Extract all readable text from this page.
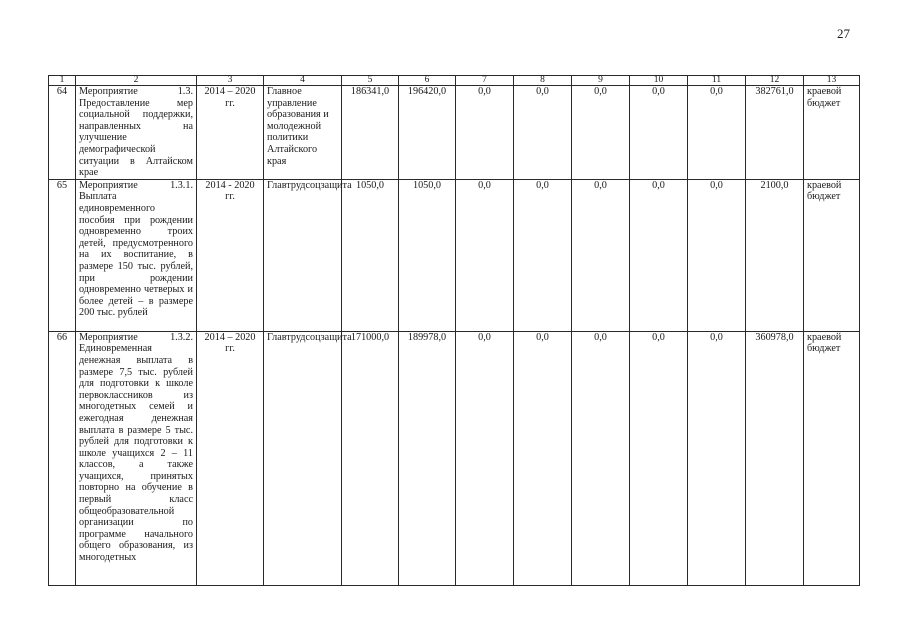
27
1	2	3	4	5	6	7	8	9	10	11	12	13
64	Мероприятие 1.3. Предоставление мер социальной поддержки, направленных на улучшение демографической ситуации в Алтайском крае	2014 – 2020 гг.	Главное управление образования и молодежной политики Алтайского края	186341,0	196420,0	0,0	0,0	0,0	0,0	0,0	382761,0	краевой бюджет
65	Мероприятие 1.3.1. Выплата единовременного пособия при рождении одновременно троих детей, предусмотренного на их воспитание, в размере 150 тыс. рублей, при рождении одновременно четверых и более детей – в размере 200 тыс. рублей	2014 - 2020 гг.	Главтрудсоцзащита	1050,0	1050,0	0,0	0,0	0,0	0,0	0,0	2100,0	краевой бюджет
66	Мероприятие 1.3.2. Единовременная денежная выплата в размере 7,5 тыс. рублей для подготовки к школе первоклассников из многодетных семей и ежегодная денежная выплата в размере 5 тыс. рублей для подготовки к школе учащихся 2 – 11 классов, а также учащихся, принятых повторно на обучение в первый класс общеобразовательной организации по программе начального общего образования, из многодетных	2014 – 2020 гг.	Главтрудсоцзащита	171000,0	189978,0	0,0	0,0	0,0	0,0	0,0	360978,0	краевой бюджет
